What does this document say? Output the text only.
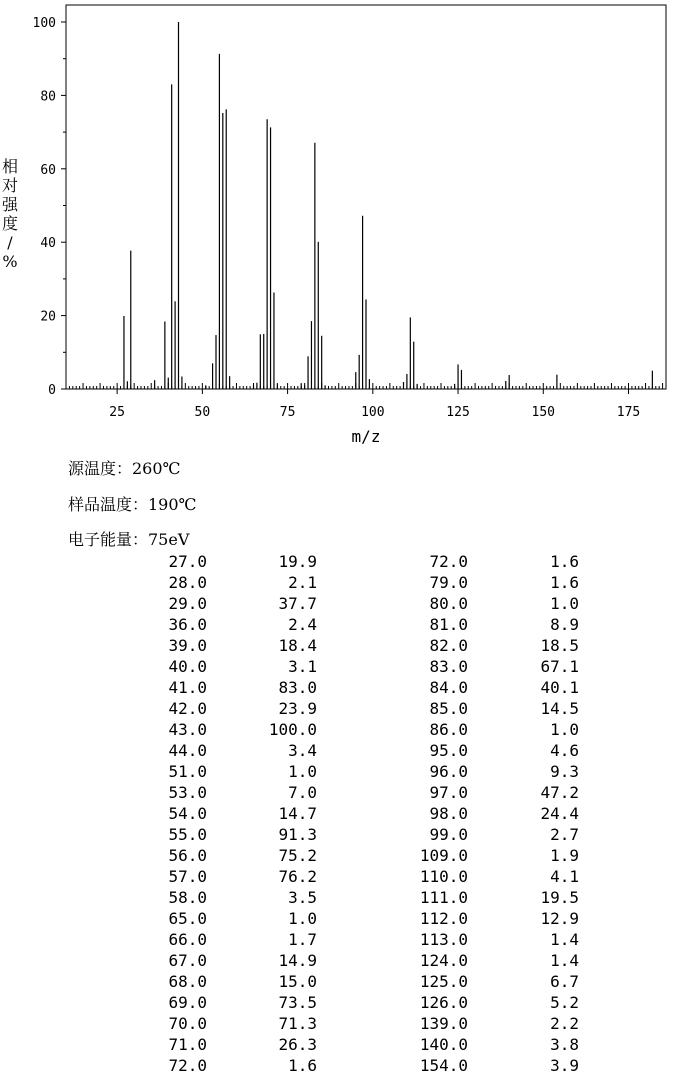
25	50	75	100	125	150	175
0
20
40
60
80
100
m/z
相对强度/ %
源温度：260℃
样品温度：190℃
电子能量：75eV
27.0	19.9	72.0	1.6
28.0	2.1	79.0	1.6
29.0	37.7	80.0	1.0
36.0	2.4	81.0	8.9
39.0	18.4	82.0	18.5
40.0	3.1	83.0	67.1
41.0	83.0	84.0	40.1
42.0	23.9	85.0	14.5
43.0	100.0	86.0	1.0
44.0	3.4	95.0	4.6
51.0	1.0	96.0	9.3
53.0	7.0	97.0	47.2
54.0	14.7	98.0	24.4
55.0	91.3	99.0	2.7
56.0	75.2	109.0	1.9
57.0	76.2	110.0	4.1
58.0	3.5	111.0	19.5
65.0	1.0	112.0	12.9
66.0	1.7	113.0	1.4
67.0	14.9	124.0	1.4
68.0	15.0	125.0	6.7
69.0	73.5	126.0	5.2
70.0	71.3	139.0	2.2
71.0	26.3	140.0	3.8
72.0	1.6	154.0	3.9
